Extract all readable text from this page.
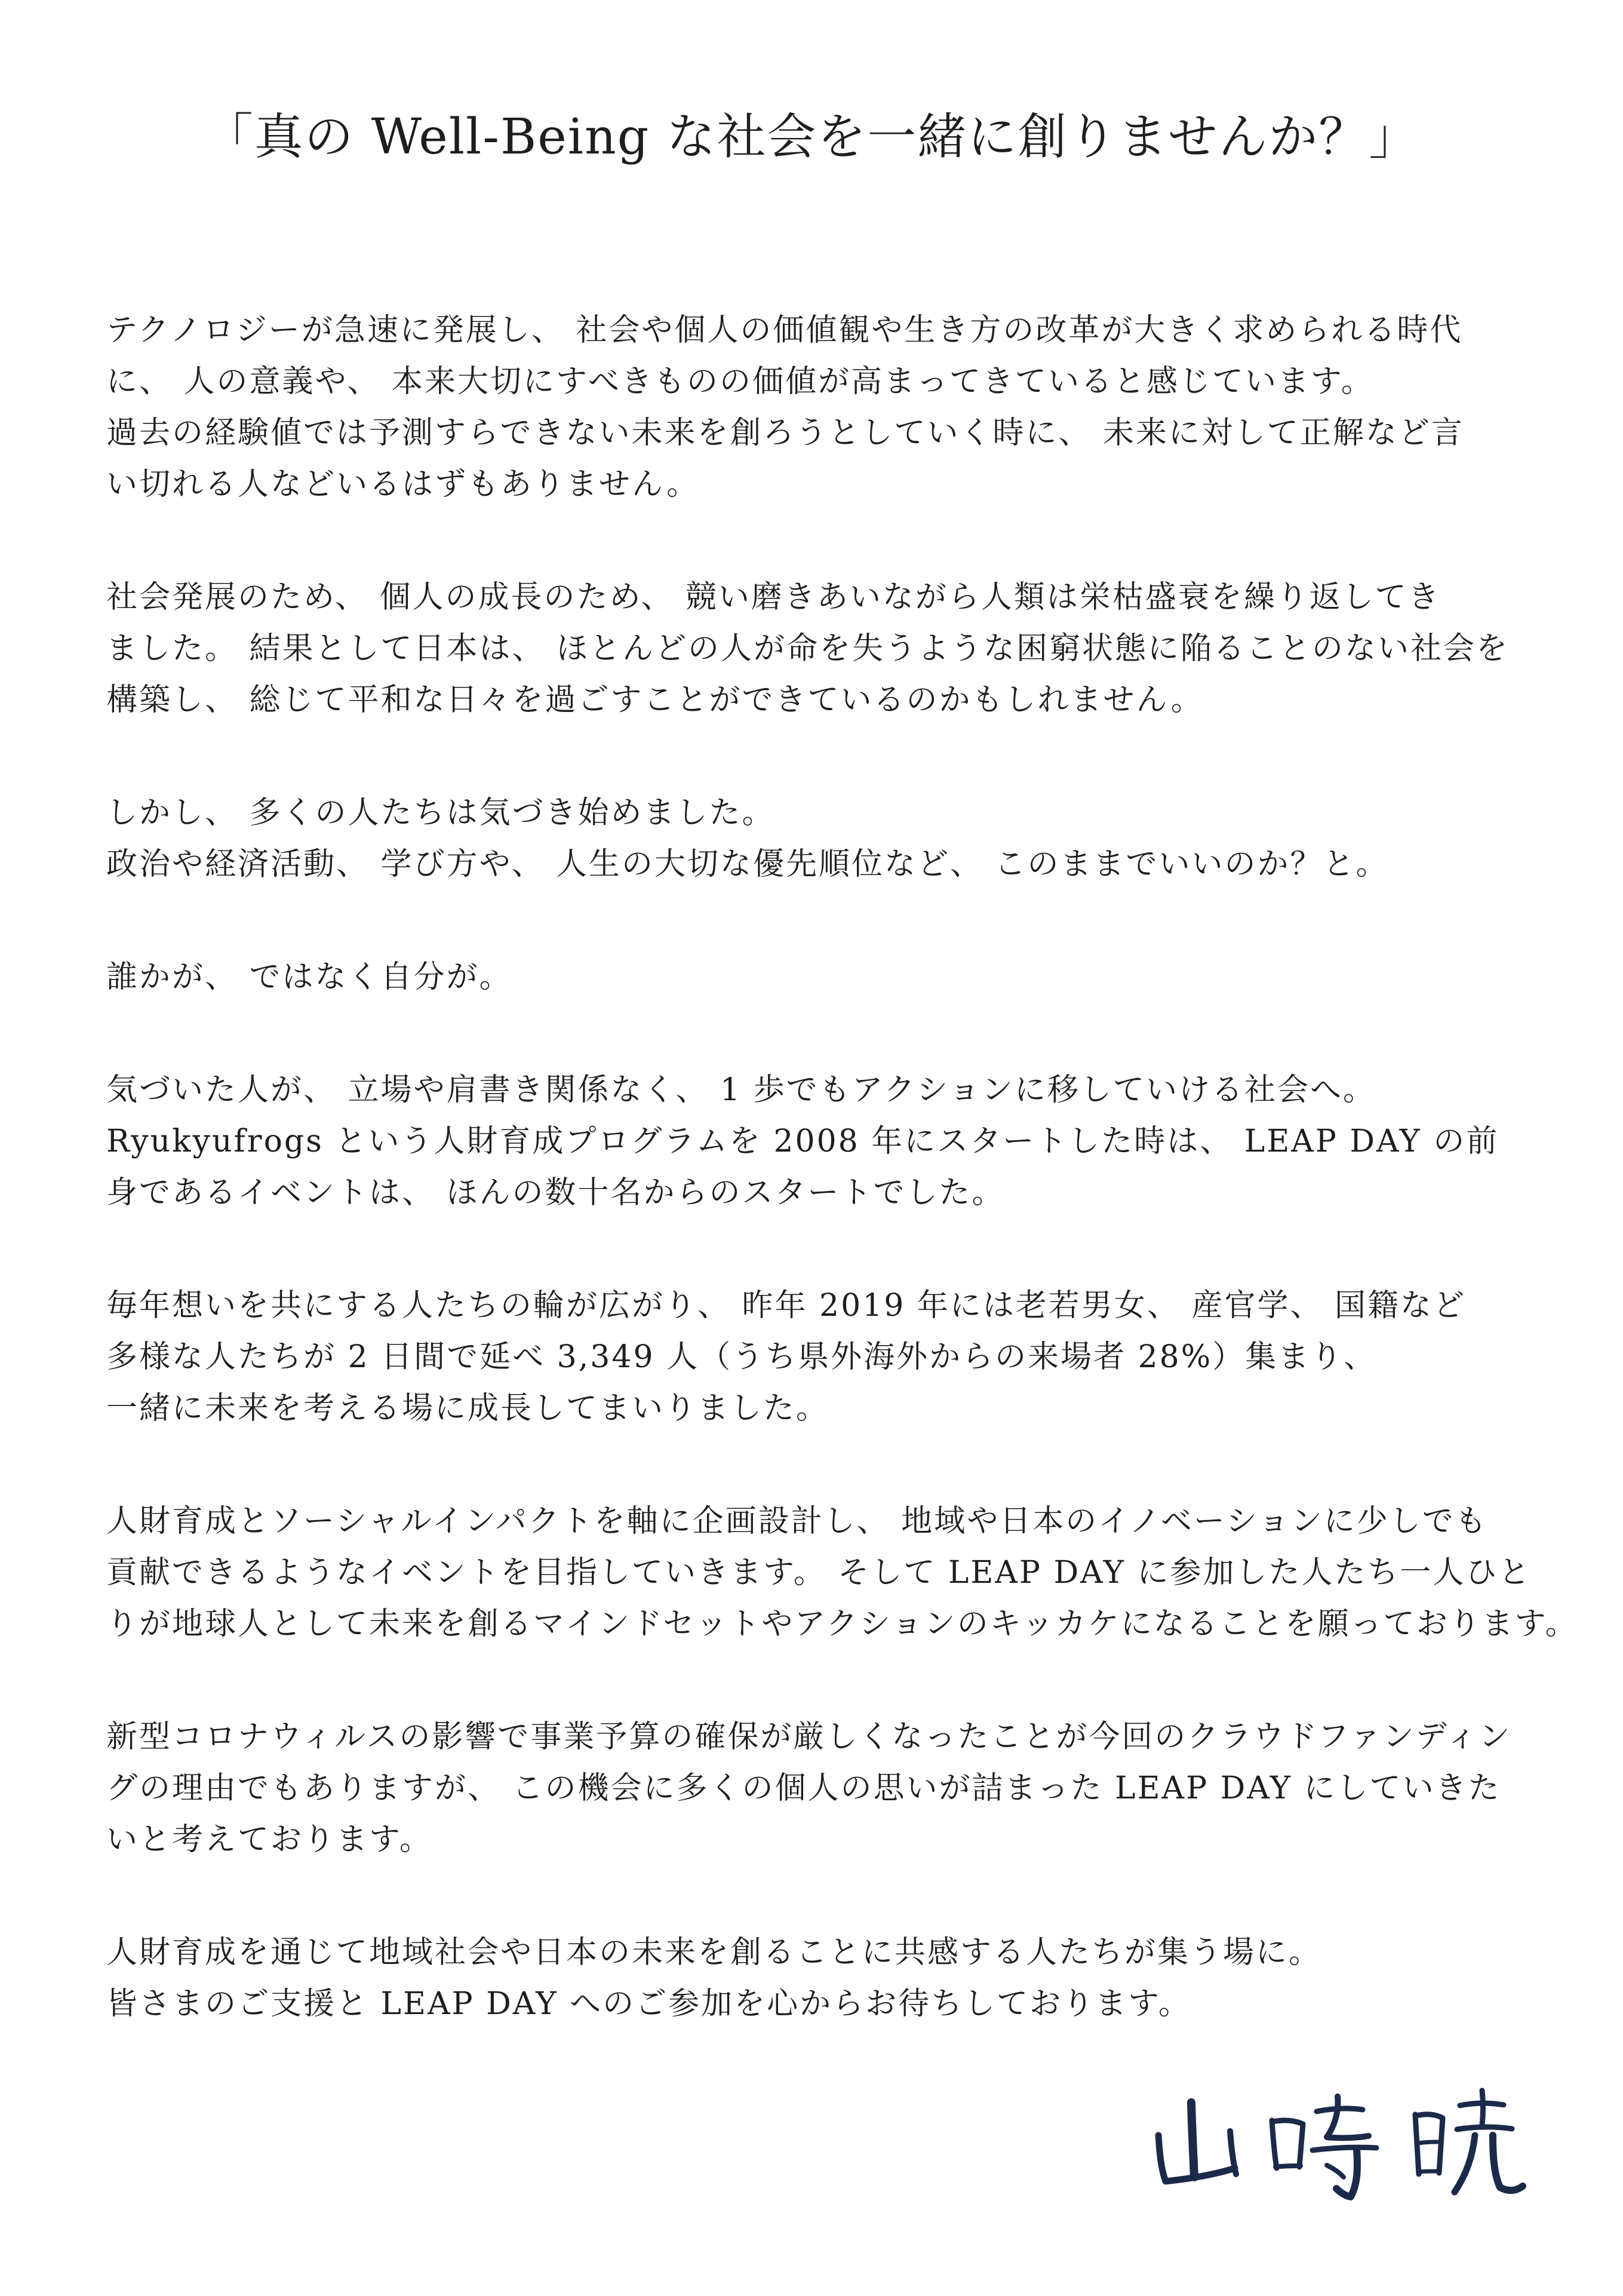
「真の Well-Being な社会を一緒に創りませんか？」
テクノロジーが急速に発展し、 社会や個人の価値観や生き方の改革が大きく求められる時代
に、 人の意義や、 本来大切にすべきものの価値が高まってきていると感じています。
過去の経験値では予測すらできない未来を創ろうとしていく時に、 未来に対して正解など言
い切れる人などいるはずもありません。
社会発展のため、 個人の成長のため、 競い磨きあいながら人類は栄枯盛衰を繰り返してき
ました。 結果として日本は、 ほとんどの人が命を失うような困窮状態に陥ることのない社会を
構築し、 総じて平和な日々を過ごすことができているのかもしれません。
しかし、 多くの人たちは気づき始めました。
政治や経済活動、 学び方や、 人生の大切な優先順位など、 このままでいいのか？と。
誰かが、 ではなく自分が。
気づいた人が、 立場や肩書き関係なく、 1 歩でもアクションに移していける社会へ。
Ryukyufrogs という人財育成プログラムを 2008 年にスタートした時は、 LEAP DAY の前
身であるイベントは、 ほんの数十名からのスタートでした。
毎年想いを共にする人たちの輪が広がり、 昨年 2019 年には老若男女、 産官学、 国籍など
多様な人たちが 2 日間で延べ 3,349 人（うち県外海外からの来場者 28%）集まり、
一緒に未来を考える場に成長してまいりました。
人財育成とソーシャルインパクトを軸に企画設計し、 地域や日本のイノベーションに少しでも
貢献できるようなイベントを目指していきます。 そして LEAP DAY に参加した人たち一人ひと
りが地球人として未来を創るマインドセットやアクションのキッカケになることを願っております。
新型コロナウィルスの影響で事業予算の確保が厳しくなったことが今回のクラウドファンディン
グの理由でもありますが、 この機会に多くの個人の思いが詰まった LEAP DAY にしていきた
いと考えております。
人財育成を通じて地域社会や日本の未来を創ることに共感する人たちが集う場に。
皆さまのご支援と LEAP DAY へのご参加を心からお待ちしております。
